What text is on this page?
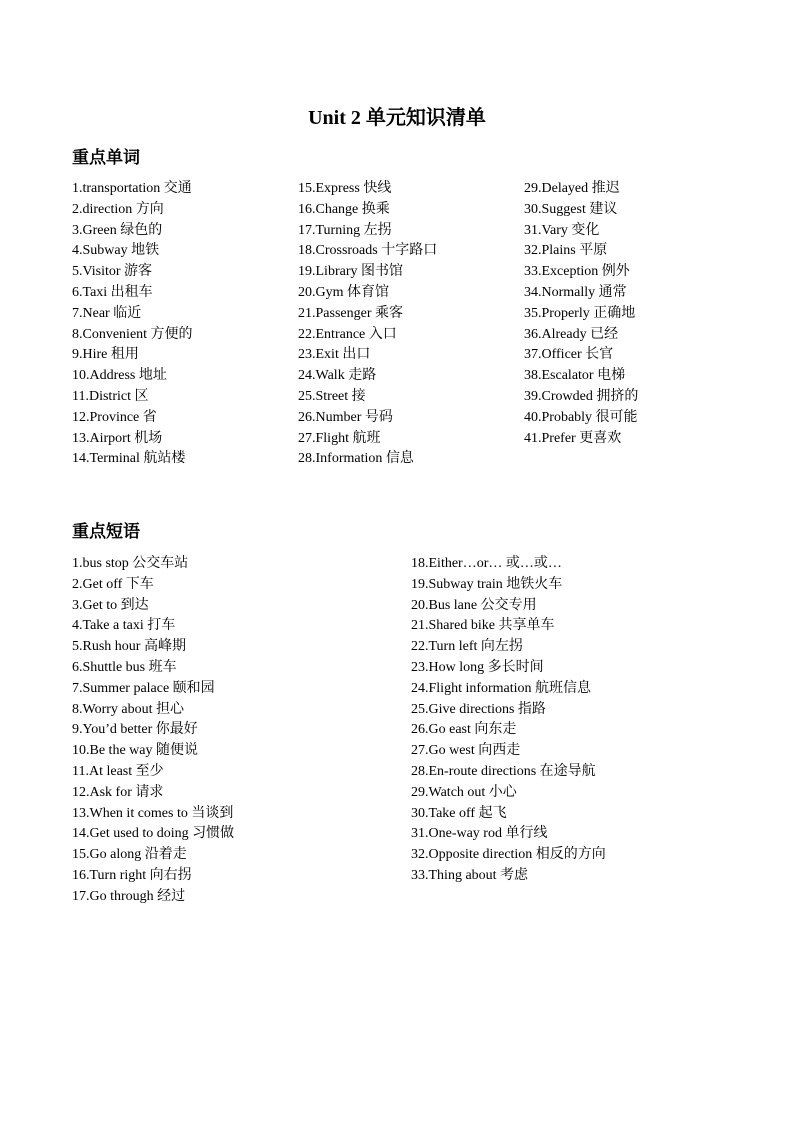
Unit 2 单元知识清单
重点单词
1.transportation 交通
2.direction 方向
3.Green 绿色的
4.Subway 地铁
5.Visitor 游客
6.Taxi 出租车
7.Near 临近
8.Convenient 方便的
9.Hire 租用
10.Address 地址
11.District 区
12.Province 省
13.Airport 机场
14.Terminal 航站楼
15.Express 快线
16.Change 换乘
17.Turning 左拐
18.Crossroads 十字路口
19.Library 图书馆
20.Gym 体育馆
21.Passenger 乘客
22.Entrance 入口
23.Exit 出口
24.Walk 走路
25.Street 接
26.Number 号码
27.Flight 航班
28.Information 信息
29.Delayed 推迟
30.Suggest 建议
31.Vary 变化
32.Plains 平原
33.Exception 例外
34.Normally 通常
35.Properly 正确地
36.Already 已经
37.Officer 长官
38.Escalator 电梯
39.Crowded 拥挤的
40.Probably 很可能
41.Prefer 更喜欢
重点短语
1.bus stop 公交车站
2.Get off 下车
3.Get to 到达
4.Take a taxi 打车
5.Rush hour 高峰期
6.Shuttle bus 班车
7.Summer palace 颐和园
8.Worry about 担心
9.You’d better 你最好
10.Be the way 随便说
11.At least 至少
12.Ask for 请求
13.When it comes to 当谈到
14.Get used to doing 习惯做
15.Go along 沿着走
16.Turn right 向右拐
17.Go through 经过
18.Either…or… 或…或…
19.Subway train 地铁火车
20.Bus lane 公交专用
21.Shared bike 共享单车
22.Turn left 向左拐
23.How long 多长时间
24.Flight information 航班信息
25.Give directions 指路
26.Go east 向东走
27.Go west 向西走
28.En-route directions 在途导航
29.Watch out 小心
30.Take off 起飞
31.One-way rod 单行线
32.Opposite direction 相反的方向
33.Thing about 考虑
